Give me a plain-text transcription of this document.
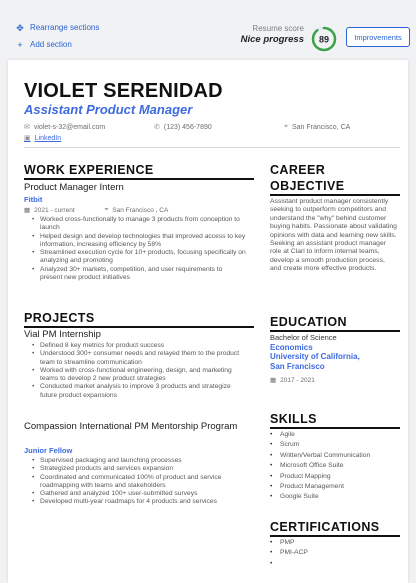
✥ Rearrange sections
+ Add section
Resume score
Nice progress 89	Improvements
VIOLET SERENIDAD
Assistant Product Manager
✉ violet-s-32@email.com	✆ (123) 456-7890	⌖ San Francisco, CA
▣ LinkedIn
WORK EXPERIENCE
Product Manager Intern
Fitbit
▦ 2021 - current	⌖ San Francisco , CA
• Worked cross-functionally to manage 3 products from conception to launch
• Helped design and develop technologies that improved access to key information, increasing efficiency by 58%
• Streamlined execution cycle for 10+ products, focusing specifically on analyzing and promoting
• Analyzed 30+ markets, competition, and user requirements to present new product initiatives
PROJECTS
Vial PM Internship
• Defined 8 key metrics for product success
• Understood 300+ consumer needs and relayed them to the product team to streamline communication
• Worked with cross-functional engineering, design, and marketing teams to develop 2 new product strategies
• Conducted market analysis to improve 3 products and strategize future product expansions
Compassion International PM Mentorship Program
Junior Fellow
• Supervised packaging and launching processes
• Strategized products and services expansion
• Coordinated and communicated 100% of product and service roadmapping with teams and stakeholders
• Gathered and analyzed 100+ user-submitted surveys
• Developed multi-year roadmaps for 4 products and services
CAREER
OBJECTIVE
Assistant product manager consistently seeking to outperform competitors and understand the "why" behind customer buying habits. Passionate about validating opinions with data and learning new skills. Seeking an assistant product manager role at Clari to inform internal teams, develop a smooth production process, and create more effective products.
EDUCATION
Bachelor of Science
Economics
University of California,
San Francisco
▦ 2017 - 2021
SKILLS
• Agile
• Scrum
• Written/Verbal Communication
• Microsoft Office Suite
• Product Mapping
• Product Management
• Google Suite
CERTIFICATIONS
• PMP
• PMI-ACP
